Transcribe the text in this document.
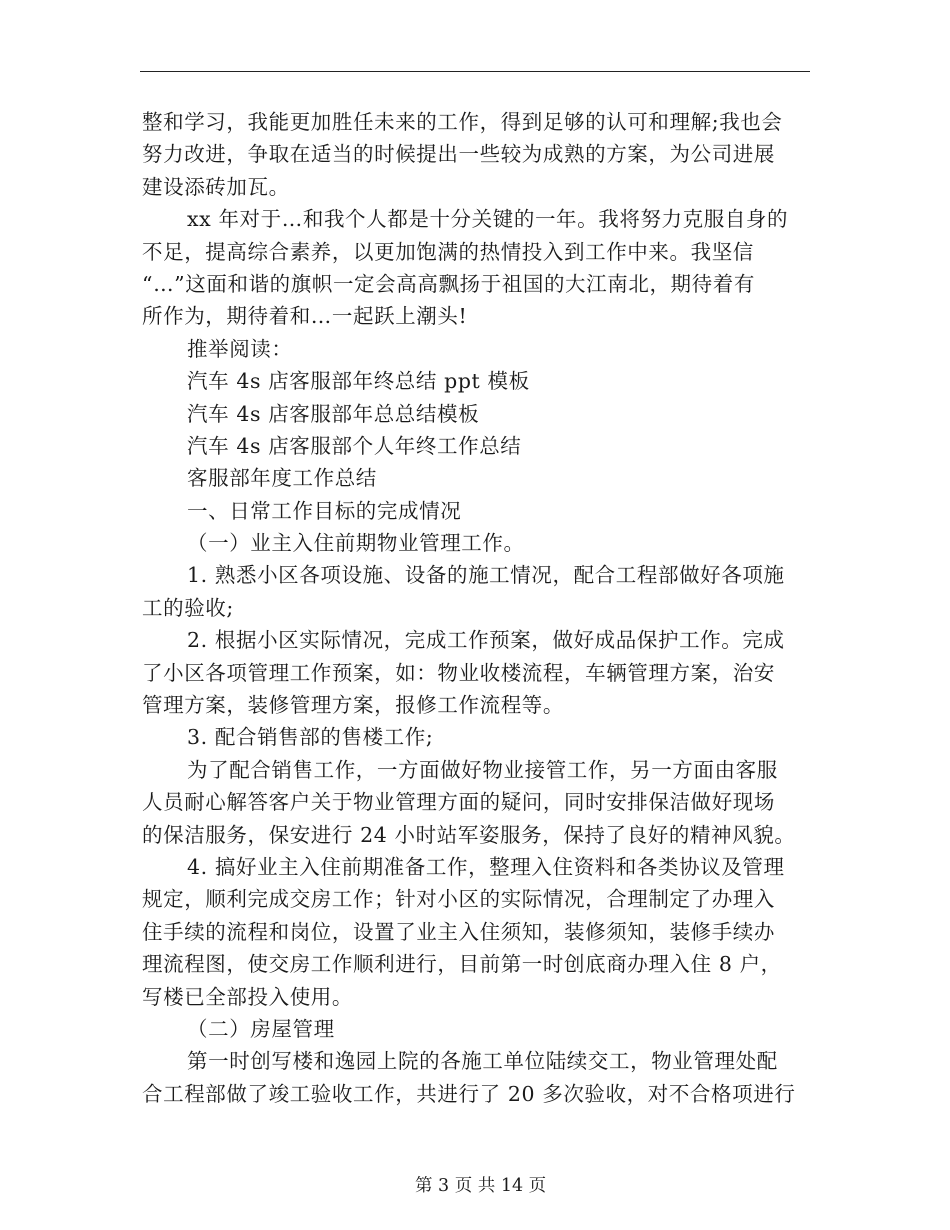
整和学习，我能更加胜任未来的工作，得到足够的认可和理解;我也会
努力改进，争取在适当的时候提出一些较为成熟的方案，为公司进展
建设添砖加瓦。
xx 年对于…和我个人都是十分关键的一年。我将努力克服自身的
不足，提高综合素养，以更加饱满的热情投入到工作中来。我坚信
“…”这面和谐的旗帜一定会高高飘扬于祖国的大江南北，期待着有
所作为，期待着和…一起跃上潮头!
推举阅读：
汽车 4s 店客服部年终总结 ppt 模板
汽车 4s 店客服部年总总结模板
汽车 4s 店客服部个人年终工作总结
客服部年度工作总结
一、日常工作目标的完成情况
（一）业主入住前期物业管理工作。
1. 熟悉小区各项设施、设备的施工情况，配合工程部做好各项施
工的验收;
2. 根据小区实际情况，完成工作预案，做好成品保护工作。完成
了小区各项管理工作预案，如：物业收楼流程，车辆管理方案，治安
管理方案，装修管理方案，报修工作流程等。
3. 配合销售部的售楼工作;
为了配合销售工作，一方面做好物业接管工作，另一方面由客服
人员耐心解答客户关于物业管理方面的疑问，同时安排保洁做好现场
的保洁服务，保安进行 24 小时站军姿服务，保持了良好的精神风貌。
4. 搞好业主入住前期准备工作，整理入住资料和各类协议及管理
规定，顺利完成交房工作；针对小区的实际情况，合理制定了办理入
住手续的流程和岗位，设置了业主入住须知，装修须知，装修手续办
理流程图，使交房工作顺利进行，目前第一时创底商办理入住 8 户，
写楼已全部投入使用。
（二）房屋管理
第一时创写楼和逸园上院的各施工单位陆续交工，物业管理处配
合工程部做了竣工验收工作，共进行了 20 多次验收，对不合格项进行

第 3 页 共 14 页
